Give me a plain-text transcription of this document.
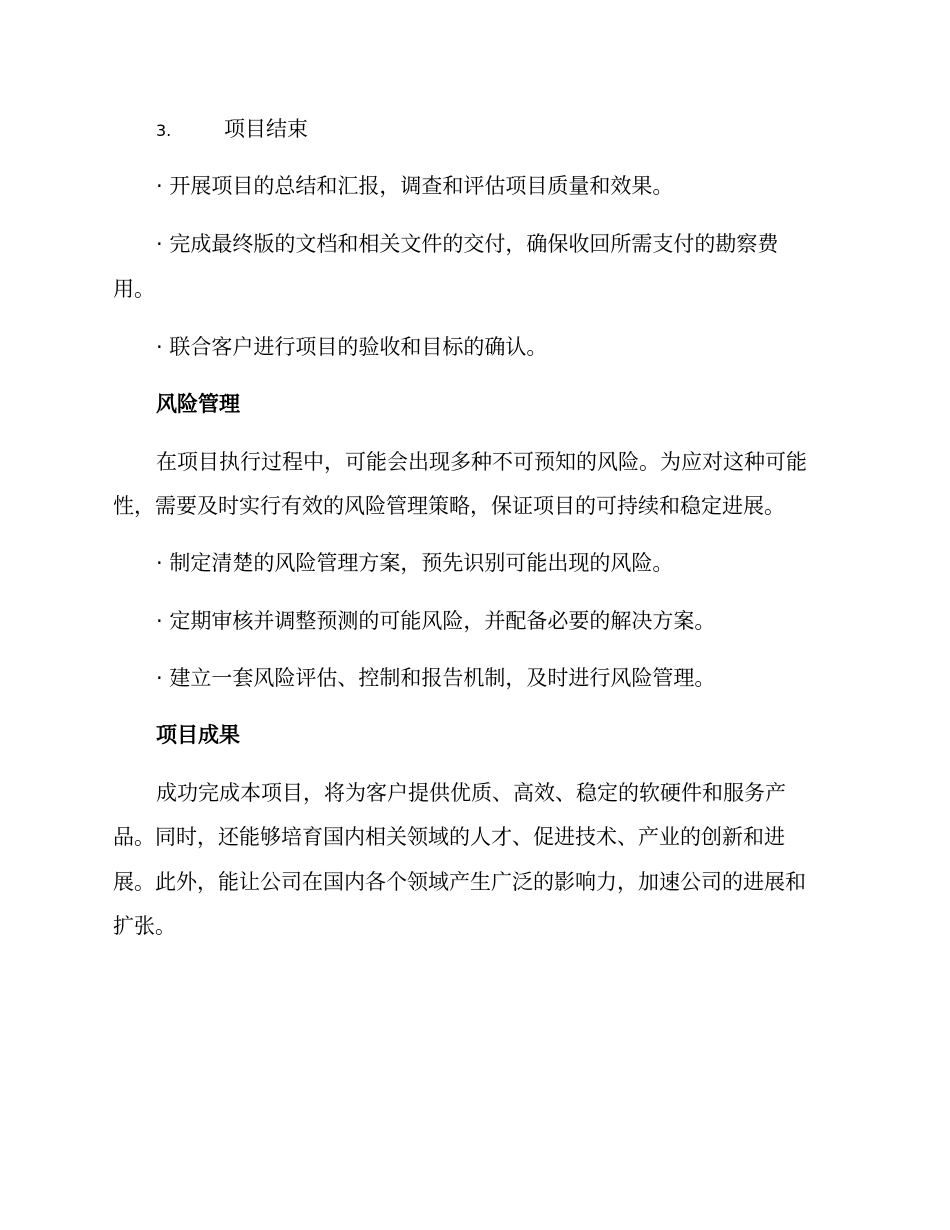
3.	项目结束
· 开展项目的总结和汇报，调查和评估项目质量和效果。
· 完成最终版的文档和相关文件的交付，确保收回所需支付的勘察费
用。
· 联合客户进行项目的验收和目标的确认。
风险管理
在项目执行过程中，可能会出现多种不可预知的风险。为应对这种可能
性，需要及时实行有效的风险管理策略，保证项目的可持续和稳定进展。
· 制定清楚的风险管理方案，预先识别可能出现的风险。
· 定期审核并调整预测的可能风险，并配备必要的解决方案。
· 建立一套风险评估、控制和报告机制，及时进行风险管理。
项目成果
成功完成本项目，将为客户提供优质、高效、稳定的软硬件和服务产
品。同时，还能够培育国内相关领域的人才、促进技术、产业的创新和进
展。此外，能让公司在国内各个领域产生广泛的影响力，加速公司的进展和
扩张。
